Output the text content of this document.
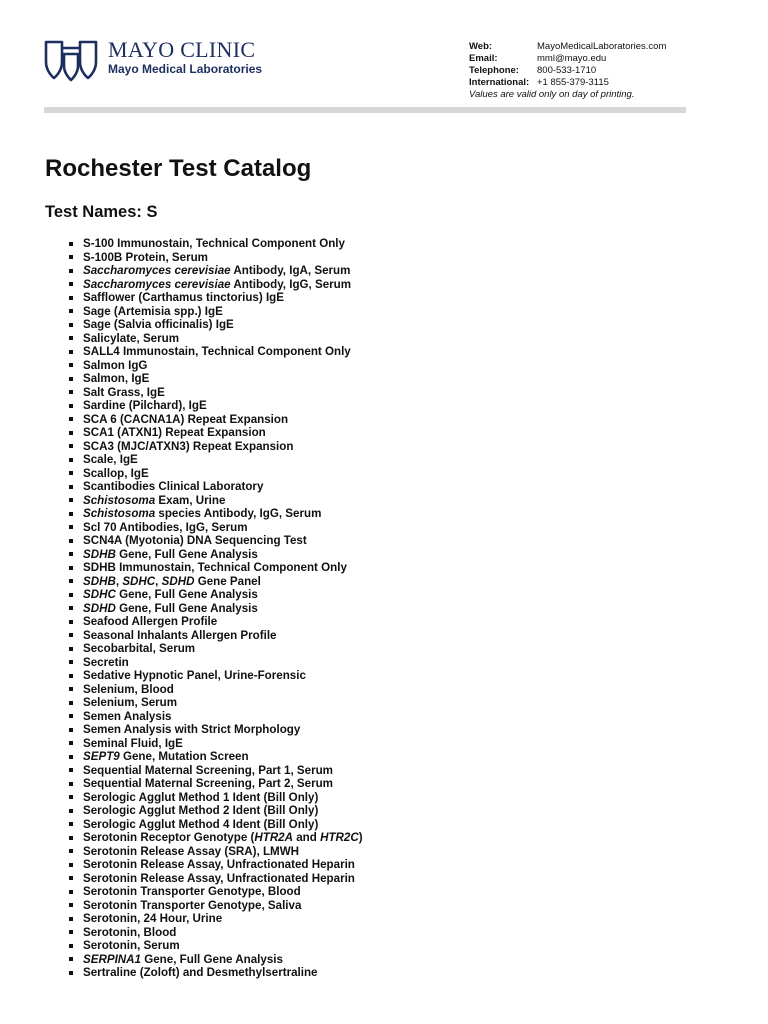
MAYO CLINIC
Mayo Medical Laboratories
Web:	MayoMedicalLaboratories.com
Email:	mml@mayo.edu
Telephone:	800-533-1710
International: +1 855-379-3115
Values are valid only on day of printing.
Rochester Test Catalog
Test Names: S
S-100 Immunostain, Technical Component Only
S-100B Protein, Serum
Saccharomyces cerevisiae Antibody, IgA, Serum
Saccharomyces cerevisiae Antibody, IgG, Serum
Safflower (Carthamus tinctorius) IgE
Sage (Artemisia spp.) IgE
Sage (Salvia officinalis) IgE
Salicylate, Serum
SALL4 Immunostain, Technical Component Only
Salmon IgG
Salmon, IgE
Salt Grass, IgE
Sardine (Pilchard), IgE
SCA 6 (CACNA1A) Repeat Expansion
SCA1 (ATXN1) Repeat Expansion
SCA3 (MJC/ATXN3) Repeat Expansion
Scale, IgE
Scallop, IgE
Scantibodies Clinical Laboratory
Schistosoma Exam, Urine
Schistosoma species Antibody, IgG, Serum
Scl 70 Antibodies, IgG, Serum
SCN4A (Myotonia) DNA Sequencing Test
SDHB Gene, Full Gene Analysis
SDHB Immunostain, Technical Component Only
SDHB, SDHC, SDHD Gene Panel
SDHC Gene, Full Gene Analysis
SDHD Gene, Full Gene Analysis
Seafood Allergen Profile
Seasonal Inhalants Allergen Profile
Secobarbital, Serum
Secretin
Sedative Hypnotic Panel, Urine-Forensic
Selenium, Blood
Selenium, Serum
Semen Analysis
Semen Analysis with Strict Morphology
Seminal Fluid, IgE
SEPT9 Gene, Mutation Screen
Sequential Maternal Screening, Part 1, Serum
Sequential Maternal Screening, Part 2, Serum
Serologic Agglut Method 1 Ident (Bill Only)
Serologic Agglut Method 2 Ident (Bill Only)
Serologic Agglut Method 4 Ident (Bill Only)
Serotonin Receptor Genotype (HTR2A and HTR2C)
Serotonin Release Assay (SRA), LMWH
Serotonin Release Assay, Unfractionated Heparin
Serotonin Release Assay, Unfractionated Heparin
Serotonin Transporter Genotype, Blood
Serotonin Transporter Genotype, Saliva
Serotonin, 24 Hour, Urine
Serotonin, Blood
Serotonin, Serum
SERPINA1 Gene, Full Gene Analysis
Sertraline (Zoloft) and Desmethylsertraline
